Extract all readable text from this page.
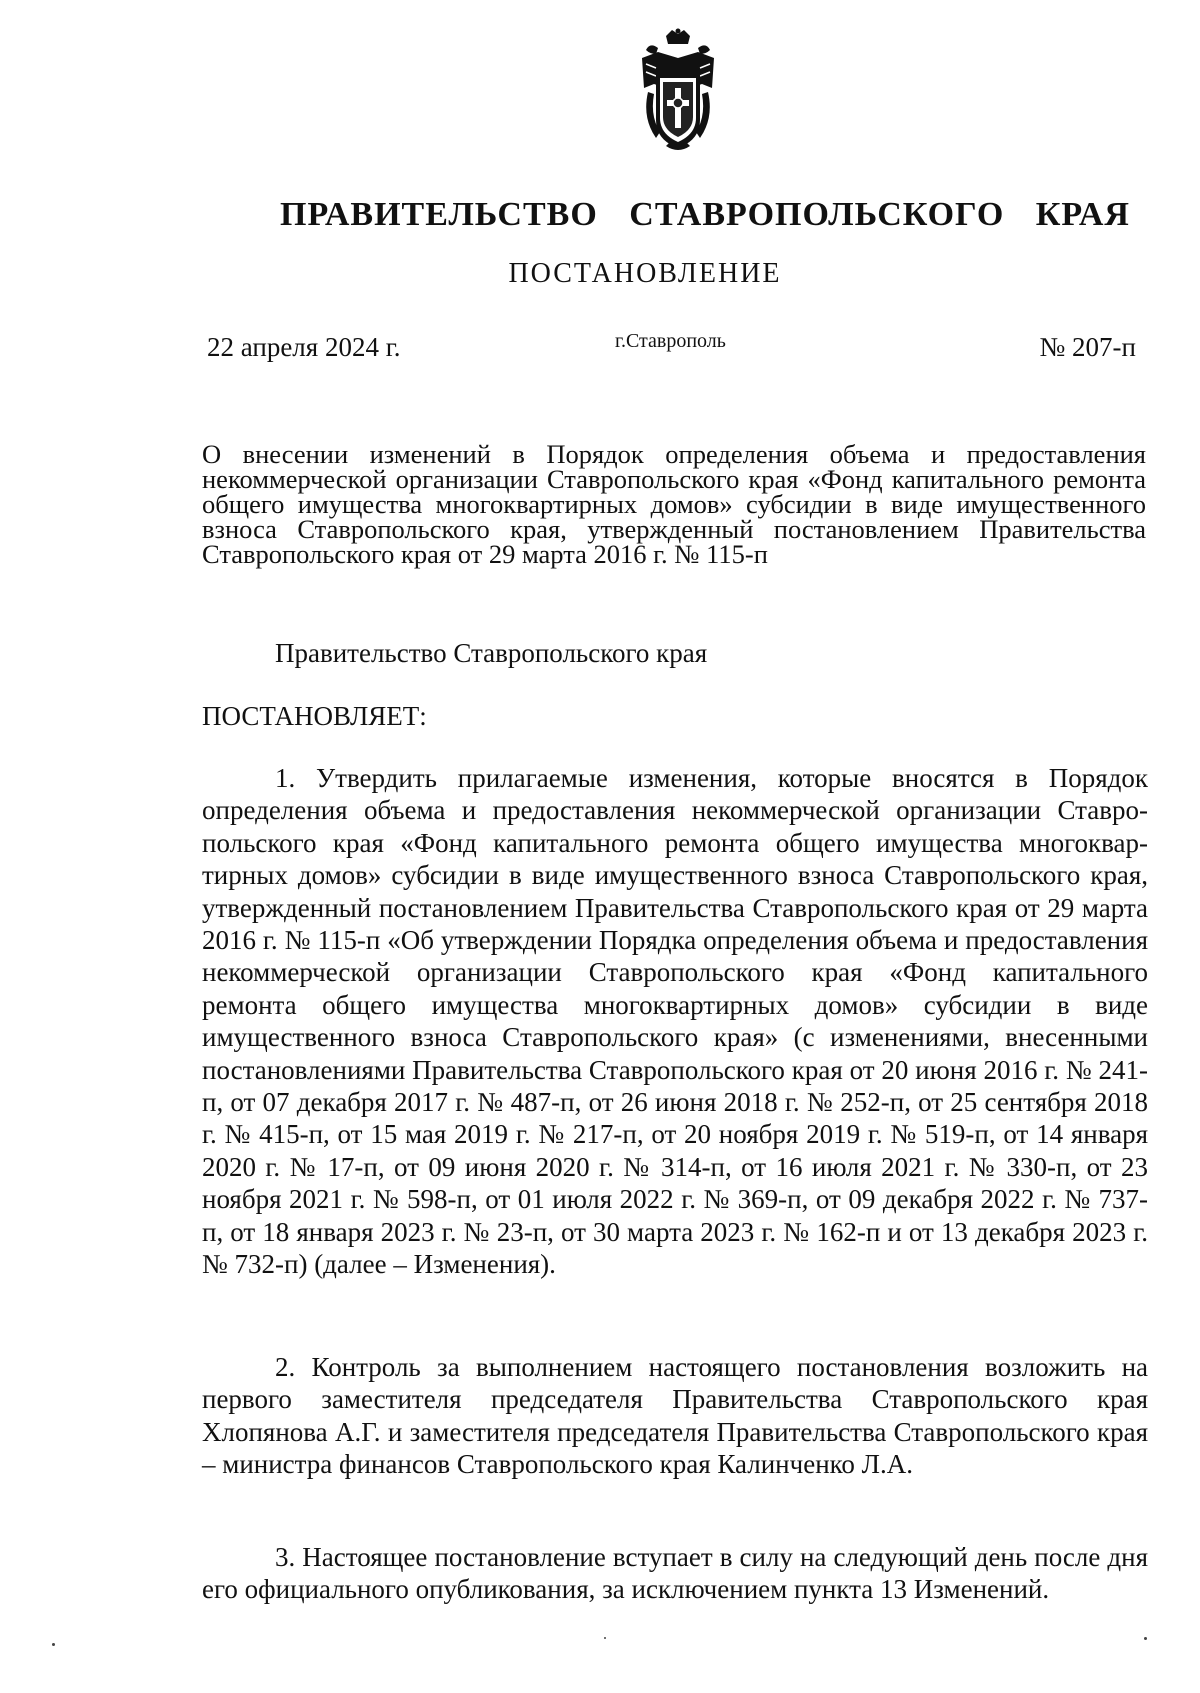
ПРАВИТЕЛЬСТВО СТАВРОПОЛЬСКОГО КРАЯ
ПОСТАНОВЛЕНИЕ
22 апреля 2024 г.	г.Ставрополь	№ 207-п
О внесении изменений в Порядок определения объема и предоставления некоммерческой организации Ставропольского края «Фонд капитального ремонта общего имущества многоквартирных домов» субсидии в виде имущественного взноса Ставропольского края, утвержденный постановлением Правительства Ставропольского края от 29 марта 2016 г. № 115-п
Правительство Ставропольского края
ПОСТАНОВЛЯЕТ:
1. Утвердить прилагаемые изменения, которые вносятся в Порядок определения объема и предоставления некоммерческой организации Ставропольского края «Фонд капитального ремонта общего имущества многоквартирных домов» субсидии в виде имущественного взноса Ставропольского края, утвержденный постановлением Правительства Ставропольского края от 29 марта 2016 г. № 115-п «Об утверждении Порядка определения объема и предоставления некоммерческой организации Ставропольского края «Фонд капитального ремонта общего имущества многоквартирных домов» субсидии в виде имущественного взноса Ставропольского края» (с изменениями, внесенными постановлениями Правительства Ставропольского края от 20 июня 2016 г. № 241-п, от 07 декабря 2017 г. № 487-п, от 26 июня 2018 г. № 252-п, от 25 сентября 2018 г. № 415-п, от 15 мая 2019 г. № 217-п, от 20 ноября 2019 г. № 519-п, от 14 января 2020 г. № 17-п, от 09 июня 2020 г. № 314-п, от 16 июля 2021 г. № 330-п, от 23 ноября 2021 г. № 598-п, от 01 июля 2022 г. № 369-п, от 09 декабря 2022 г. № 737-п, от 18 января 2023 г. № 23-п, от 30 марта 2023 г. № 162-п и от 13 декабря 2023 г. № 732-п) (далее – Изменения).
2. Контроль за выполнением настоящего постановления возложить на первого заместителя председателя Правительства Ставропольского края Хлопянова А.Г. и заместителя председателя Правительства Ставропольского края – министра финансов Ставропольского края Калинченко Л.А.
3. Настоящее постановление вступает в силу на следующий день после дня его официального опубликования, за исключением пункта 13 Изменений.
